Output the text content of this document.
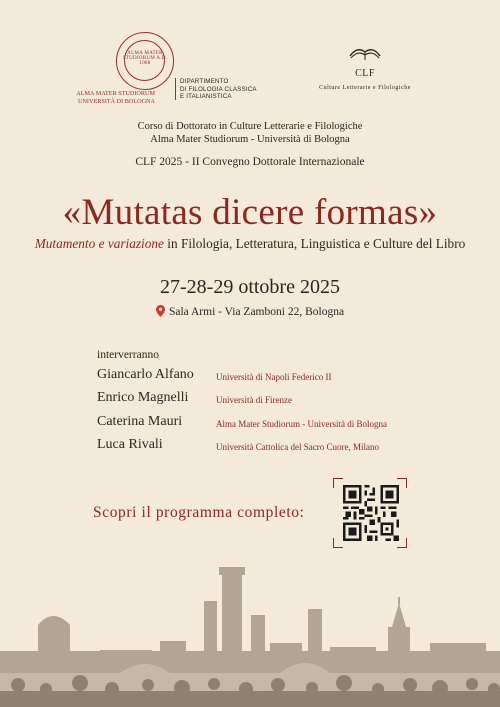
ALMA MATER STUDIORUM A.D. 1088
ALMA MATER STUDIORUM
UNIVERSITÀ DI BOLOGNA
DIPARTIMENTO
DI FILOLOGIA CLASSICA
E ITALIANISTICA
CLF
Culture Letterarie e Filologiche
Corso di Dottorato in Culture Letterarie e Filologiche
Alma Mater Studiorum - Università di Bologna
CLF 2025 - II Convegno Dottorale Internazionale
«Mutatas dicere formas»
Mutamento e variazione in Filologia, Letteratura, Linguistica e Culture del Libro
27-28-29 ottobre 2025
Sala Armi - Via Zamboni 22, Bologna
interverranno
Giancarlo Alfano Università di Napoli Federico II
Enrico Magnelli	Università di Firenze
Caterina Mauri	Alma Mater Studiorum - Università di Bologna
Luca Rivali	Università Cattolica del Sacro Cuore, Milano
Scopri il programma completo:
